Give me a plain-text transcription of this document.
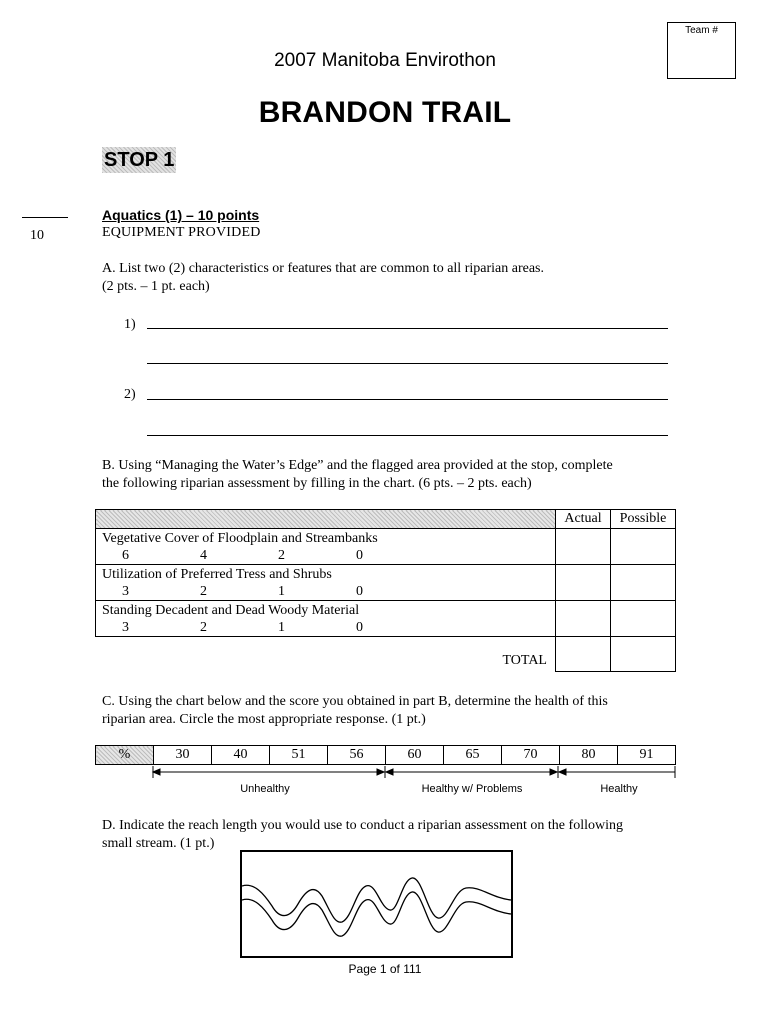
Team #
2007 Manitoba Envirothon
BRANDON TRAIL
STOP 1
10
Aquatics (1) – 10 points
EQUIPMENT PROVIDED
A. List two (2) characteristics or features that are common to all riparian areas.
(2 pts. – 1 pt. each)
1)
2)
B. Using “Managing the Water’s Edge” and the flagged area provided at the stop, complete
the following riparian assessment by filling in the chart. (6 pts. – 2 pts. each)
	Actual	Possible

Vegetative Cover of Floodplain and Streambanks
6 4 2 0		

Utilization of Preferred Tress and Shrubs
3 2 1 0		

Standing Decadent and Dead Woody Material
3 2 1 0		

TOTAL		
C. Using the chart below and the score you obtained in part B, determine the health of this
riparian area. Circle the most appropriate response. (1 pt.)
%	30	40	51	56	60	65	70	80	91
Unhealthy	Healthy w/ Problems	Healthy
D. Indicate the reach length you would use to conduct a riparian assessment on the following
small stream. (1 pt.)
Page 1 of 111
